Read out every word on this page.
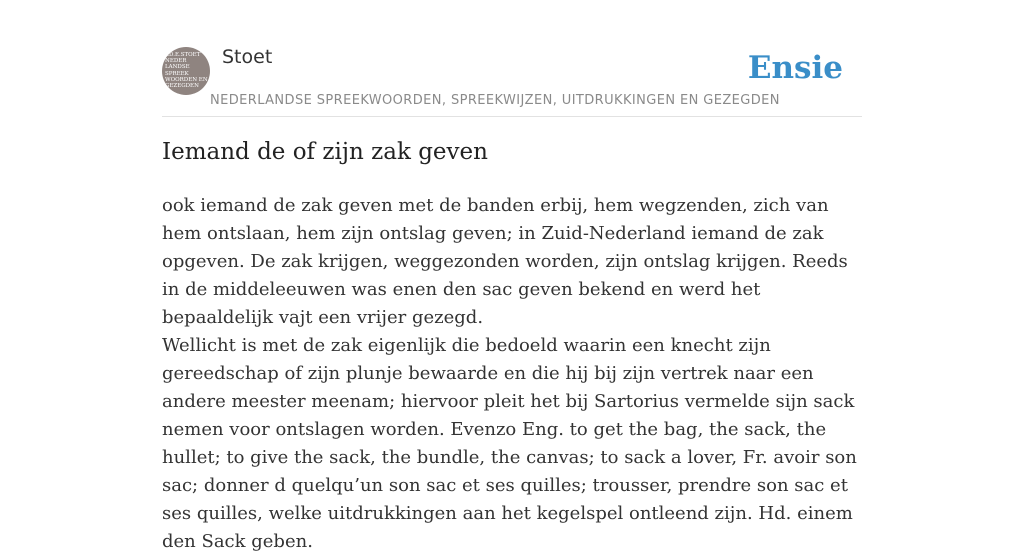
ED.E.STOET
NEDER
LANDSE
SPREEK
WOORDEN EN
GEZEGDEN
Stoet
NEDERLANDSE SPREEKWOORDEN, SPREEKWIJZEN, UITDRUKKINGEN EN GEZEGDEN
Ensie
Iemand de of zijn zak geven

ook iemand de zak geven met de banden erbij, hem wegzenden, zich van hem ontslaan, hem zijn ontslag geven; in Zuid-Nederland iemand de zak opgeven. De zak krijgen, weggezonden worden, zijn ontslag krijgen. Reeds in de middeleeuwen was enen den sac geven bekend en werd het bepaaldelijk vajt een vrijer gezegd.

Wellicht is met de zak eigenlijk die bedoeld waarin een knecht zijn gereedschap of zijn plunje bewaarde en die hij bij zijn vertrek naar een andere meester meenam; hiervoor pleit het bij Sartorius vermelde sijn sack nemen voor ontslagen worden. Evenzo Eng. to get the bag, the sack, the hullet; to give the sack, the bundle, the canvas; to sack a lover, Fr. avoir son sac; donner d quelqu’un son sac et ses quilles; trousser, prendre son sac et ses quilles, welke uitdrukkingen aan het kegelspel ontleend zijn. Hd. einem den Sack geben.
